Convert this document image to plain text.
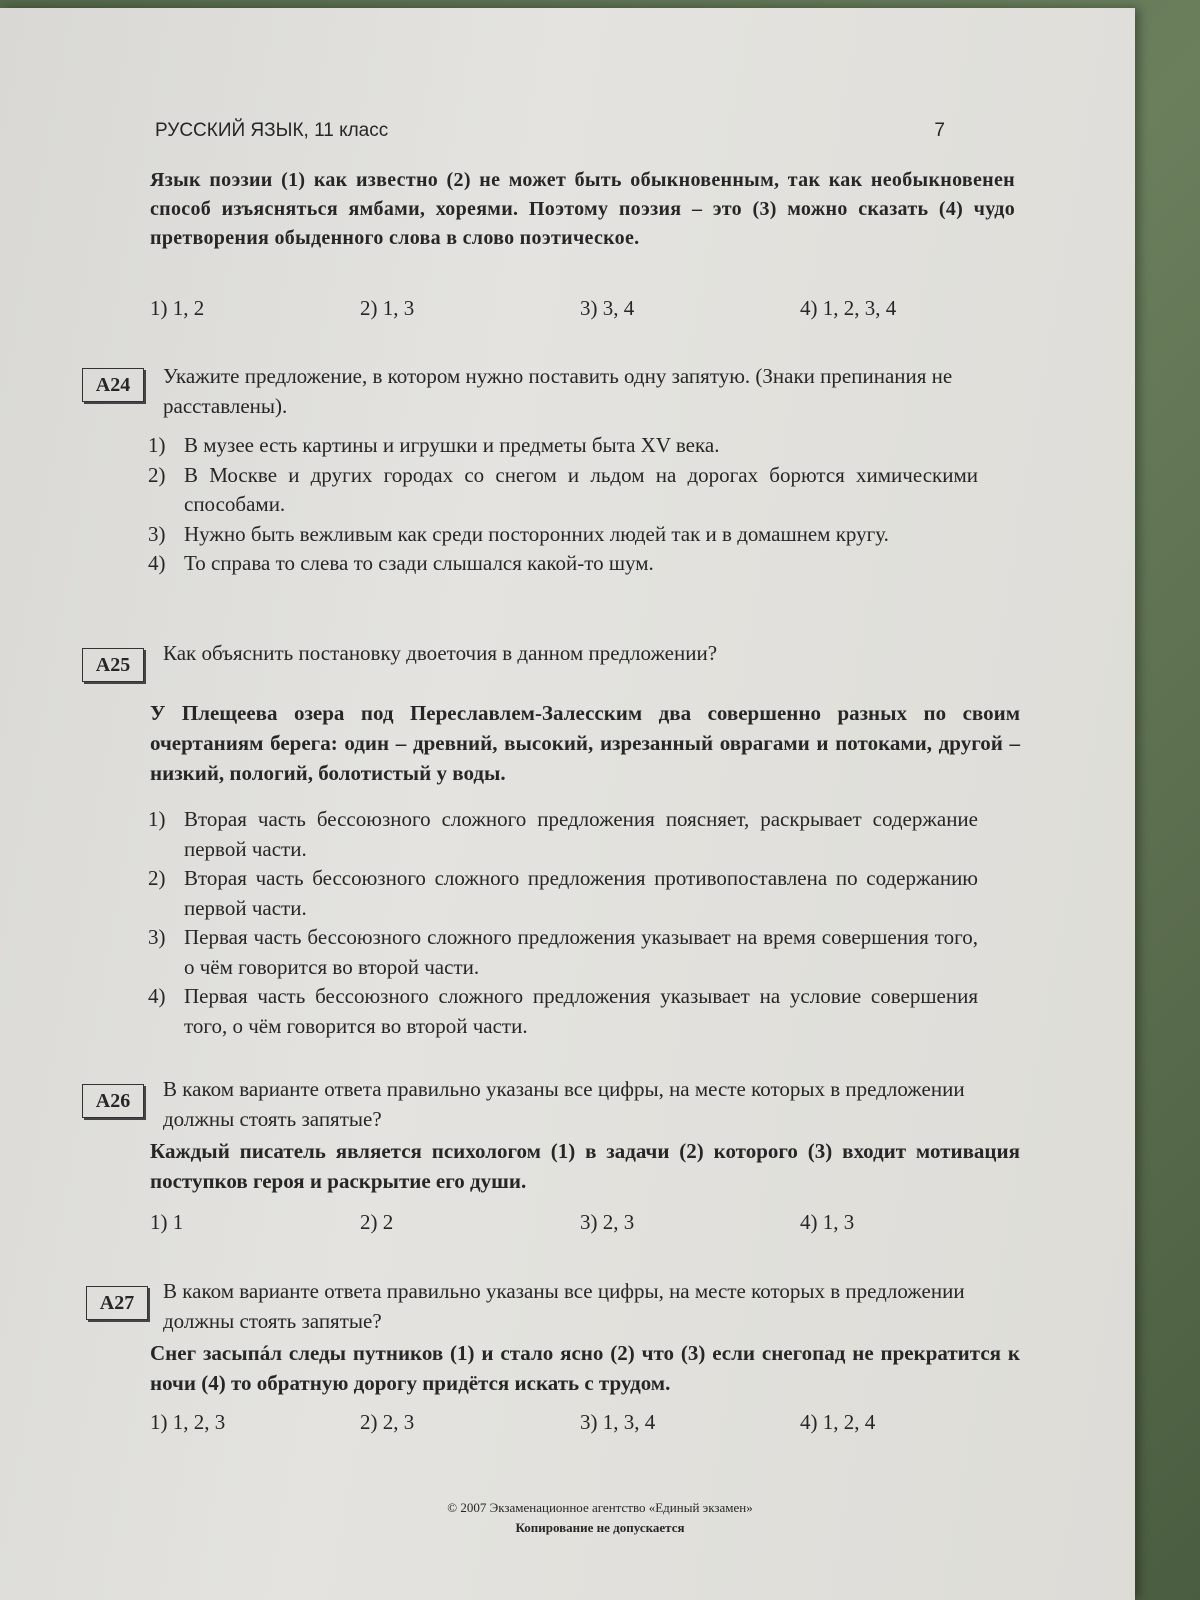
РУССКИЙ ЯЗЫК, 11 класс	7
Язык поэзии (1) как известно (2) не может быть обыкновенным, так как необыкновенен способ изъясняться ямбами, хореями. Поэтому поэзия – это (3) можно сказать (4) чудо претворения обыденного слова в слово поэтическое.
1) 1, 2	2) 1, 3	3) 3, 4	4) 1, 2, 3, 4
А24	Укажите предложение, в котором нужно поставить одну запятую. (Знаки препинания не расставлены).
1) В музее есть картины и игрушки и предметы быта XV века.
2) В Москве и других городах со снегом и льдом на дорогах борются химическими способами.
3) Нужно быть вежливым как среди посторонних людей так и в домашнем кругу.
4) То справа то слева то сзади слышался какой-то шум.
А25	Как объяснить постановку двоеточия в данном предложении?
У Плещеева озера под Переславлем-Залесским два совершенно разных по своим очертаниям берега: один – древний, высокий, изрезанный оврагами и потоками, другой – низкий, пологий, болотистый у воды.
1) Вторая часть бессоюзного сложного предложения поясняет, раскрывает содержание первой части.
2) Вторая часть бессоюзного сложного предложения противопоставлена по содержанию первой части.
3) Первая часть бессоюзного сложного предложения указывает на время совершения того, о чём говорится во второй части.
4) Первая часть бессоюзного сложного предложения указывает на условие совершения того, о чём говорится во второй части.
А26	В каком варианте ответа правильно указаны все цифры, на месте которых в предложении должны стоять запятые?
Каждый писатель является психологом (1) в задачи (2) которого (3) входит мотивация поступков героя и раскрытие его души.
1) 1	2) 2	3) 2, 3	4) 1, 3
А27	В каком варианте ответа правильно указаны все цифры, на месте которых в предложении должны стоять запятые?
Снег засыпáл следы путников (1) и стало ясно (2) что (3) если снегопад не прекратится к ночи (4) то обратную дорогу придётся искать с трудом.
1) 1, 2, 3	2) 2, 3	3) 1, 3, 4	4) 1, 2, 4
© 2007 Экзаменационное агентство «Единый экзамен»
Копирование не допускается
